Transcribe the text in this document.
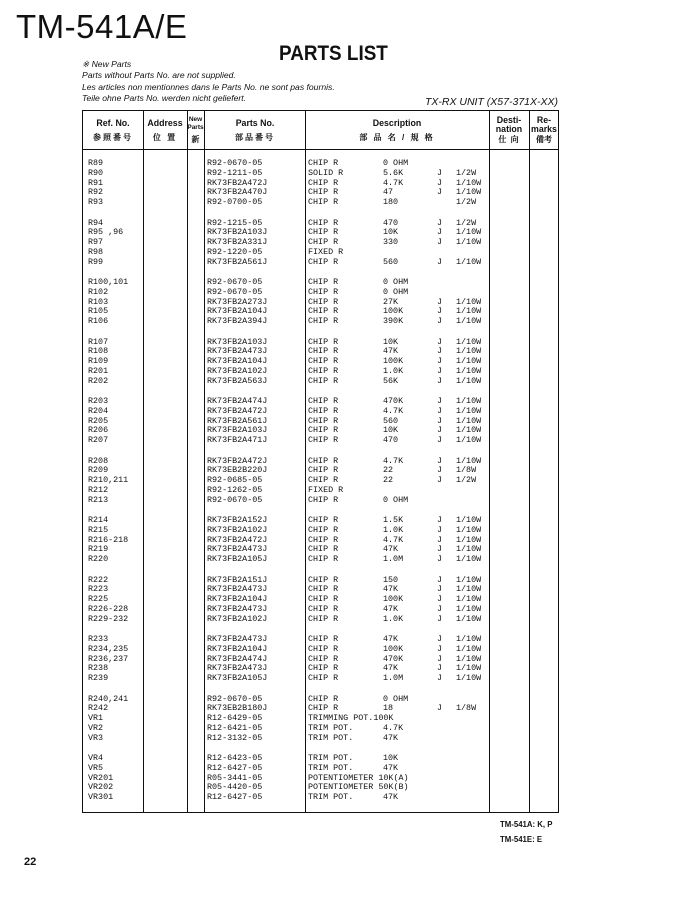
TM-541A/E
PARTS LIST
※ New Parts
Parts without Parts No. are not supplied.
Les articles non mentionnes dans le Parts No. ne sont pas fournis.
Teile ohne Parts No. werden nicht geliefert.	TX-RX UNIT (X57-371X-XX)
Ref. No.
参照番号
Address
位 置
New Parts
新
Parts No.
部品番号
Description
部 品 名 / 規 格
Desti- nation
仕 向
Re- marks
備考
R89	R92-0670-05	CHIP R	0 OHM
R90	R92-1211-05	SOLID R	5.6K	J 1/2W
R91	RK73FB2A472J	CHIP R	4.7K	J 1/10W
R92	RK73FB2A470J	CHIP R	47	J 1/10W
R93	R92-0700-05	CHIP R	180	1/2W
R94	R92-1215-05	CHIP R	470	J 1/2W
R95 ,96	RK73FB2A103J	CHIP R	10K	J 1/10W
R97	RK73FB2A331J	CHIP R	330	J 1/10W
R98	R92-1220-05	FIXED R
R99	RK73FB2A561J	CHIP R	560	J 1/10W
R100,101	R92-0670-05	CHIP R	0 OHM
R102	R92-0670-05	CHIP R	0 OHM
R103	RK73FB2A273J	CHIP R	27K	J 1/10W
R105	RK73FB2A104J	CHIP R	100K	J 1/10W
R106	RK73FB2A394J	CHIP R	390K	J 1/10W
R107	RK73FB2A103J	CHIP R	10K	J 1/10W
R108	RK73FB2A473J	CHIP R	47K	J 1/10W
R109	RK73FB2A104J	CHIP R	100K	J 1/10W
R201	RK73FB2A102J	CHIP R	1.0K	J 1/10W
R202	RK73FB2A563J	CHIP R	56K	J 1/10W
R203	RK73FB2A474J	CHIP R	470K	J 1/10W
R204	RK73FB2A472J	CHIP R	4.7K	J 1/10W
R205	RK73FB2A561J	CHIP R	560	J 1/10W
R206	RK73FB2A103J	CHIP R	10K	J 1/10W
R207	RK73FB2A471J	CHIP R	470	J 1/10W
R208	RK73FB2A472J	CHIP R	4.7K	J 1/10W
R209	RK73EB2B220J	CHIP R	22	J 1/8W
R210,211	R92-0685-05	CHIP R	22	J 1/2W
R212	R92-1262-05	FIXED R
R213	R92-0670-05	CHIP R	0 OHM
R214	RK73FB2A152J	CHIP R	1.5K	J 1/10W
R215	RK73FB2A102J	CHIP R	1.0K	J 1/10W
R216-218	RK73FB2A472J	CHIP R	4.7K	J 1/10W
R219	RK73FB2A473J	CHIP R	47K	J 1/10W
R220	RK73FB2A105J	CHIP R	1.0M	J 1/10W
R222	RK73FB2A151J	CHIP R	150	J 1/10W
R223	RK73FB2A473J	CHIP R	47K	J 1/10W
R225	RK73FB2A104J	CHIP R	100K	J 1/10W
R226-228	RK73FB2A473J	CHIP R	47K	J 1/10W
R229-232	RK73FB2A102J	CHIP R	1.0K	J 1/10W
R233	RK73FB2A473J	CHIP R	47K	J 1/10W
R234,235	RK73FB2A104J	CHIP R	100K	J 1/10W
R236,237	RK73FB2A474J	CHIP R	470K	J 1/10W
R238	RK73FB2A473J	CHIP R	47K	J 1/10W
R239	RK73FB2A105J	CHIP R	1.0M	J 1/10W
R240,241	R92-0670-05	CHIP R	0 OHM
R242	RK73EB2B180J	CHIP R	18	J 1/8W
VR1	R12-6429-05	TRIMMING POT.100K
VR2	R12-6421-05	TRIM POT.	4.7K
VR3	R12-3132-05	TRIM POT.	47K
VR4	R12-6423-05	TRIM POT.	10K
VR5	R12-6427-05	TRIM POT.	47K
VR201	R05-3441-05	POTENTIOMETER 10K(A)
VR202	R05-4420-05	POTENTIOMETER 50K(B)
VR301	R12-6427-05	TRIM POT.	47K
TM-541A: K, P
TM-541E: E
22
